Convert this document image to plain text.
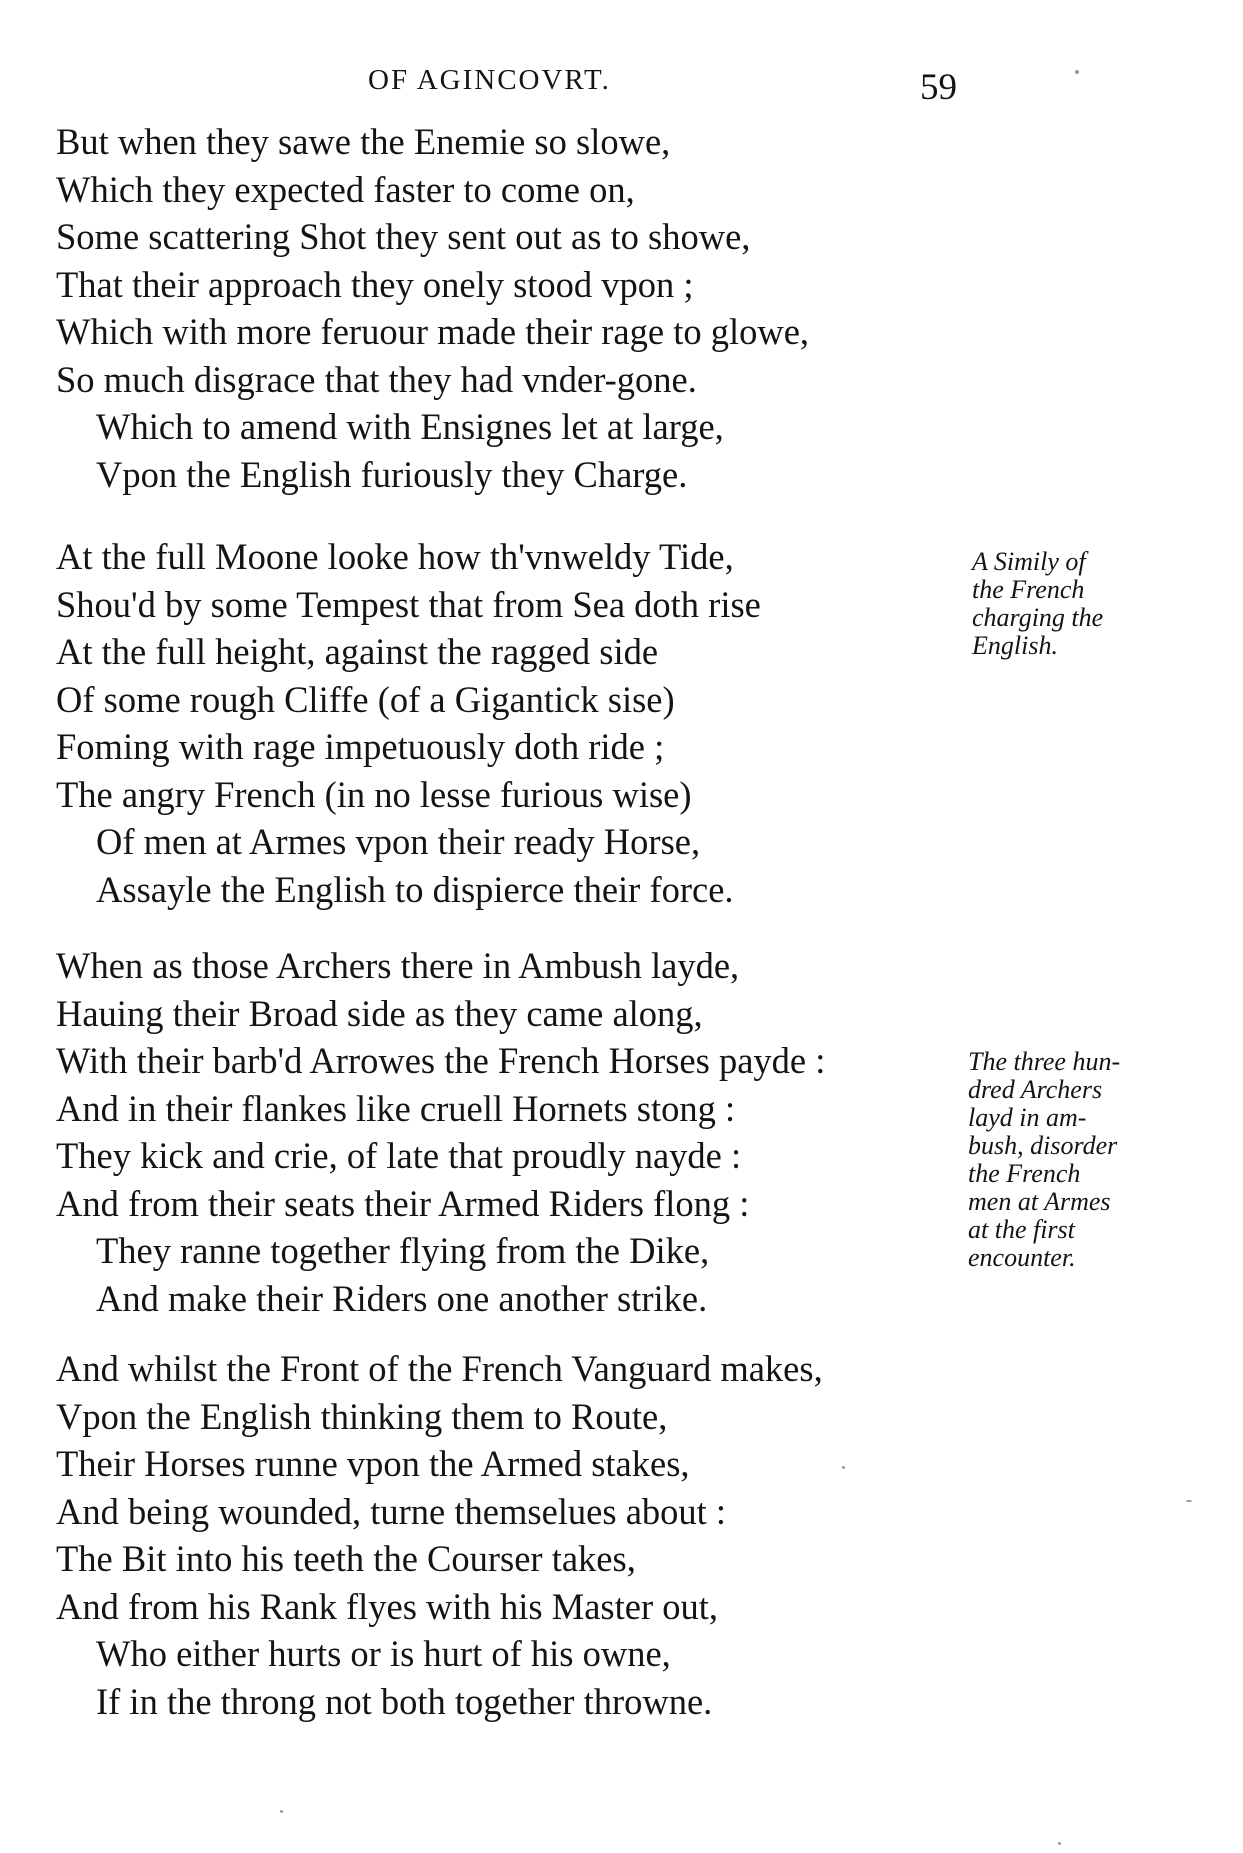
OF AGINCOVRT.	59
But when they sawe the Enemie so slowe,
Which they expected faster to come on,
Some scattering Shot they sent out as to showe,
That their approach they onely stood vpon ;
Which with more feruour made their rage to glowe,
So much disgrace that they had vnder-gone.
Which to amend with Ensignes let at large,
Vpon the English furiously they Charge.
At the full Moone looke how th'vnweldy Tide,
Shou'd by some Tempest that from Sea doth rise
At the full height, against the ragged side
Of some rough Cliffe (of a Gigantick sise)
Foming with rage impetuously doth ride ;
The angry French (in no lesse furious wise)
Of men at Armes vpon their ready Horse,
Assayle the English to dispierce their force.
When as those Archers there in Ambush layde,
Hauing their Broad side as they came along,
With their barb'd Arrowes the French Horses payde :
And in their flankes like cruell Hornets stong :
They kick and crie, of late that proudly nayde :
And from their seats their Armed Riders flong :
They ranne together flying from the Dike,
And make their Riders one another strike.
And whilst the Front of the French Vanguard makes,
Vpon the English thinking them to Route,
Their Horses runne vpon the Armed stakes,
And being wounded, turne themselues about :
The Bit into his teeth the Courser takes,
And from his Rank flyes with his Master out,
Who either hurts or is hurt of his owne,
If in the throng not both together throwne.
A Simily of
the French
charging the
English.
The three hun-
dred Archers
layd in am-
bush, disorder
the French
men at Armes
at the first
encounter.
